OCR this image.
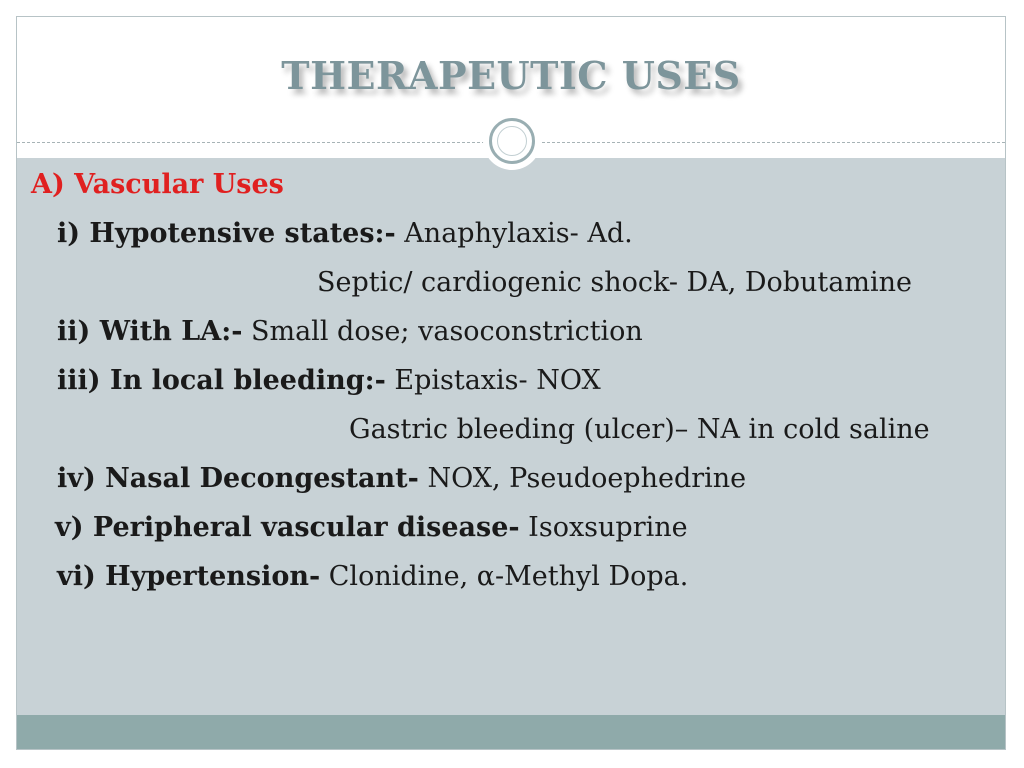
THERAPEUTIC USES
A) Vascular Uses
i) Hypotensive states:- Anaphylaxis- Ad.
Septic/ cardiogenic shock- DA, Dobutamine
ii) With LA:- Small dose; vasoconstriction
iii) In local bleeding:- Epistaxis- NOX
Gastric bleeding (ulcer)– NA in cold saline
iv) Nasal Decongestant- NOX, Pseudoephedrine
v) Peripheral vascular disease- Isoxsuprine
vi) Hypertension- Clonidine, α-Methyl Dopa.
